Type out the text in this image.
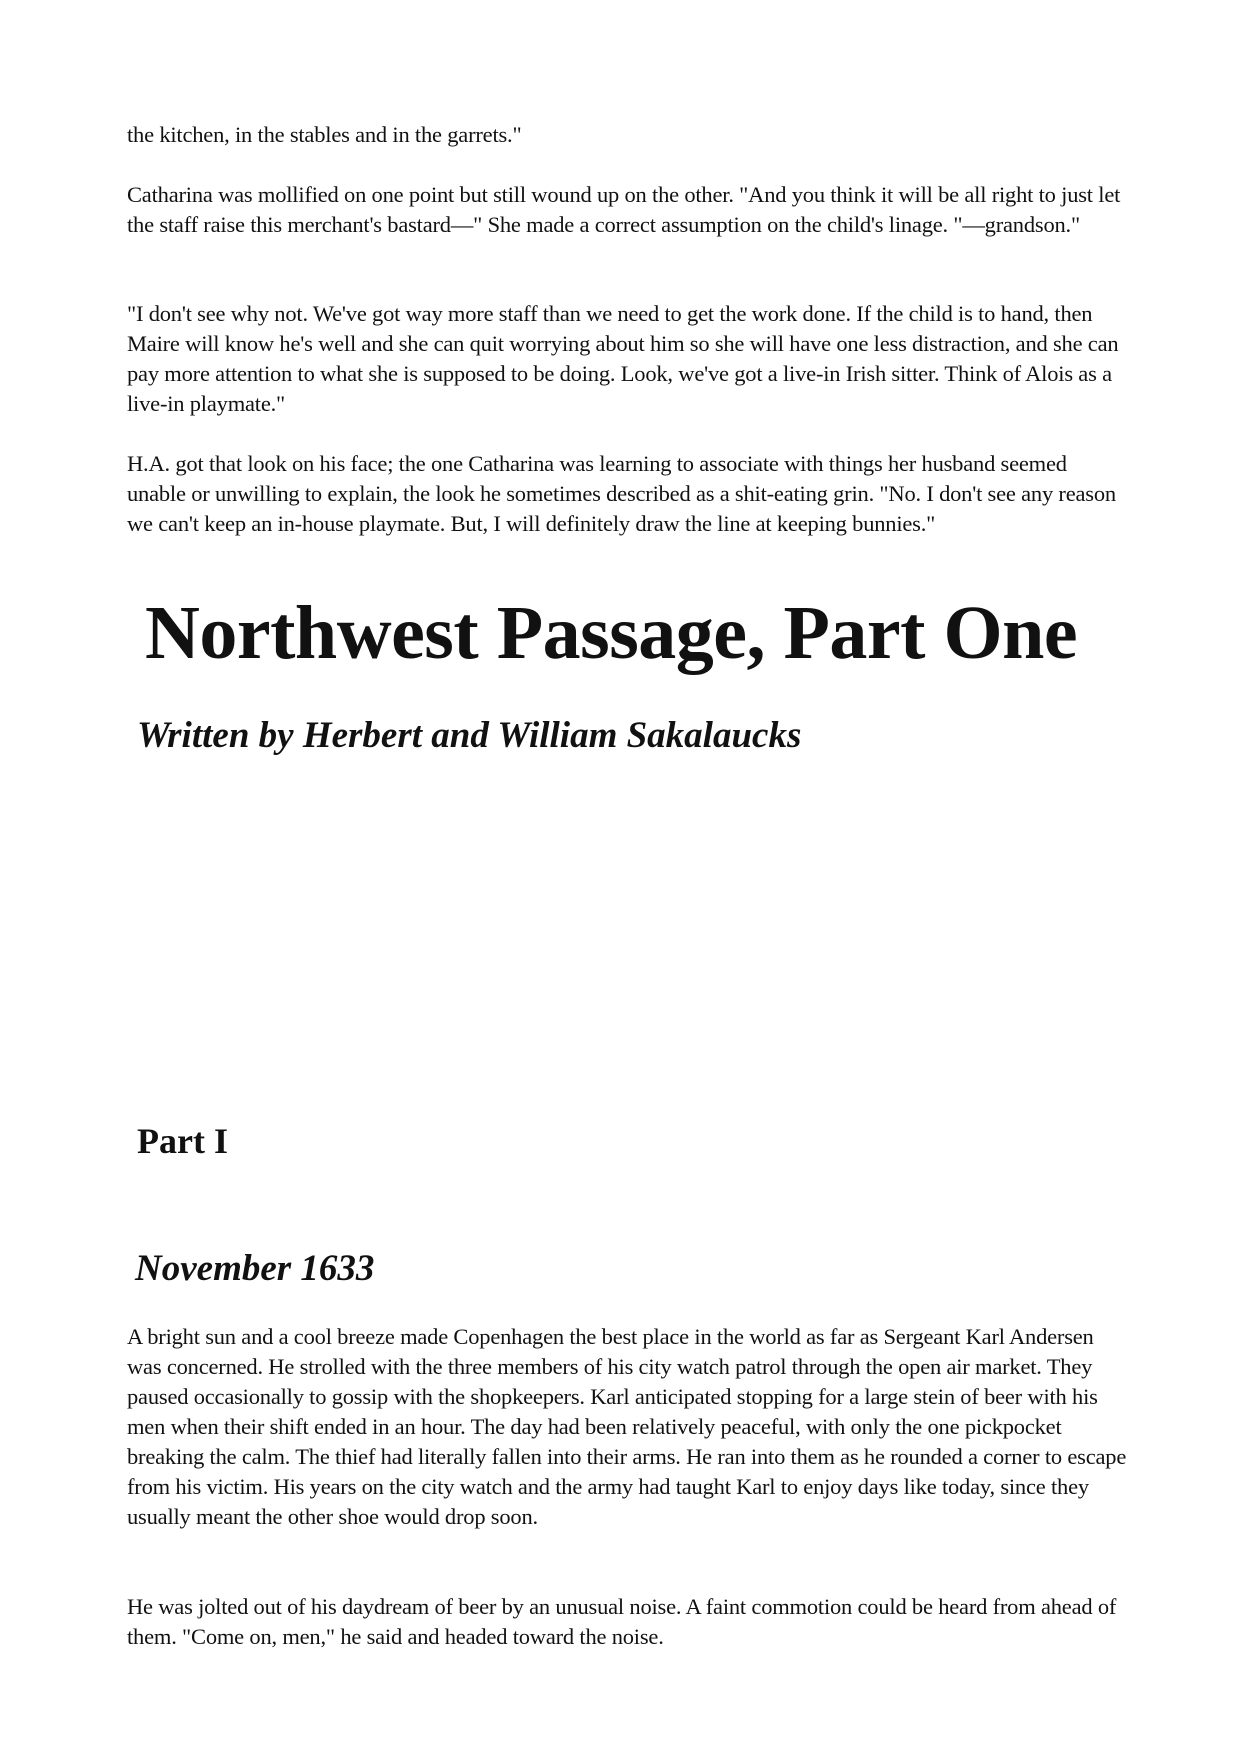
the kitchen, in the stables and in the garrets."

Catharina was mollified on one point but still wound up on the other. "And you think it will be all right to just let the staff raise this merchant's bastard—" She made a correct assumption on the child's linage. "—grandson."

"I don't see why not. We've got way more staff than we need to get the work done. If the child is to hand, then Maire will know he's well and she can quit worrying about him so she will have one less distraction, and she can pay more attention to what she is supposed to be doing. Look, we've got a live-in Irish sitter. Think of Alois as a live-in playmate."

H.A. got that look on his face; the one Catharina was learning to associate with things her husband seemed unable or unwilling to explain, the look he sometimes described as a shit-eating grin. "No. I don't see any reason we can't keep an in-house playmate. But, I will definitely draw the line at keeping bunnies."

Northwest Passage, Part One
Written by Herbert and William Sakalaucks
Part I
November 1633

A bright sun and a cool breeze made Copenhagen the best place in the world as far as Sergeant Karl Andersen was concerned. He strolled with the three members of his city watch patrol through the open air market. They paused occasionally to gossip with the shopkeepers. Karl anticipated stopping for a large stein of beer with his men when their shift ended in an hour. The day had been relatively peaceful, with only the one pickpocket breaking the calm. The thief had literally fallen into their arms. He ran into them as he rounded a corner to escape from his victim. His years on the city watch and the army had taught Karl to enjoy days like today, since they usually meant the other shoe would drop soon.

He was jolted out of his daydream of beer by an unusual noise. A faint commotion could be heard from ahead of them. "Come on, men," he said and headed toward the noise.
